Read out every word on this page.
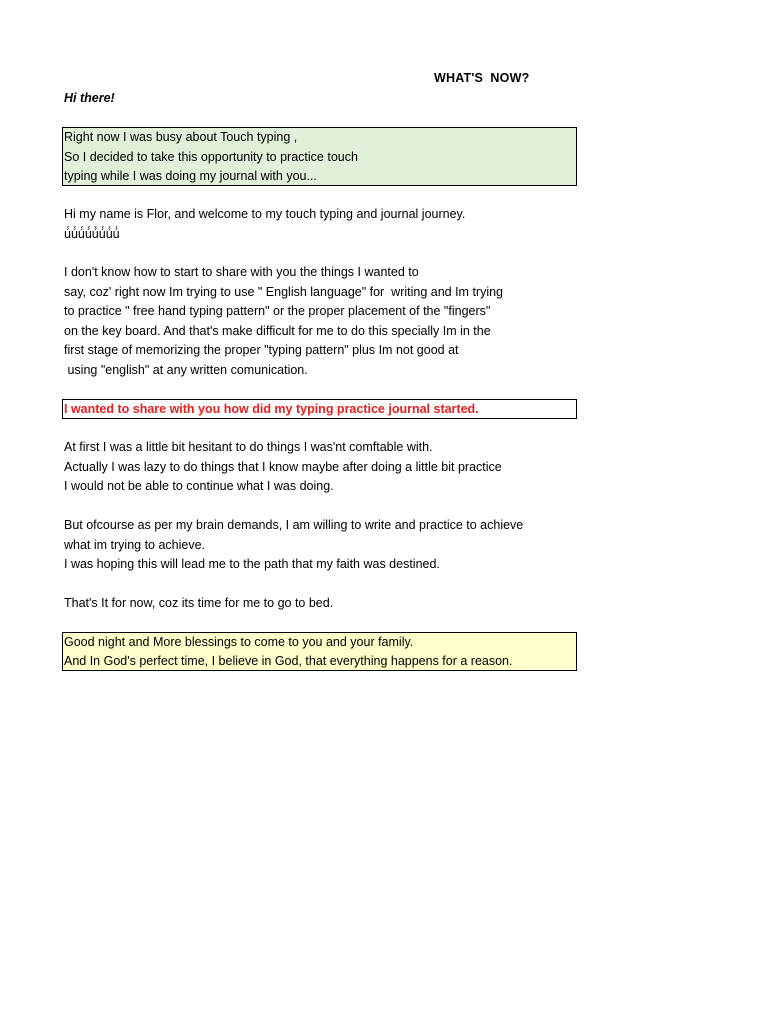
WHAT'S  NOW?
Hi there!
Right now I was busy about Touch typing ,
So I decided to take this opportunity to practice touch
typing while I was doing my journal with you...
Hi my name is Flor, and welcome to my touch typing and journal journey.
ú́ú́ú́ú́ú́ú́ú́ú́
I don't know how to start to share with you the things I wanted to
say, coz' right now Im trying to use " English language" for  writing and Im trying
to practice " free hand typing pattern" or the proper placement of the "fingers"
on the key board. And that's make difficult for me to do this specially Im in the
first stage of memorizing the proper "typing pattern" plus Im not good at
using "english" at any written comunication.
I wanted to share with you how did my typing practice journal started.
At first I was a little bit hesitant to do things I was'nt comftable with.
Actually I was lazy to do things that I know maybe after doing a little bit practice
I would not be able to continue what I was doing.
But ofcourse as per my brain demands, I am willing to write and practice to achieve
what im trying to achieve.
I was hoping this will lead me to the path that my faith was destined.
That's It for now, coz its time for me to go to bed.
Good night and More blessings to come to you and your family.
And In God's perfect time, I believe in God, that everything happens for a reason.
